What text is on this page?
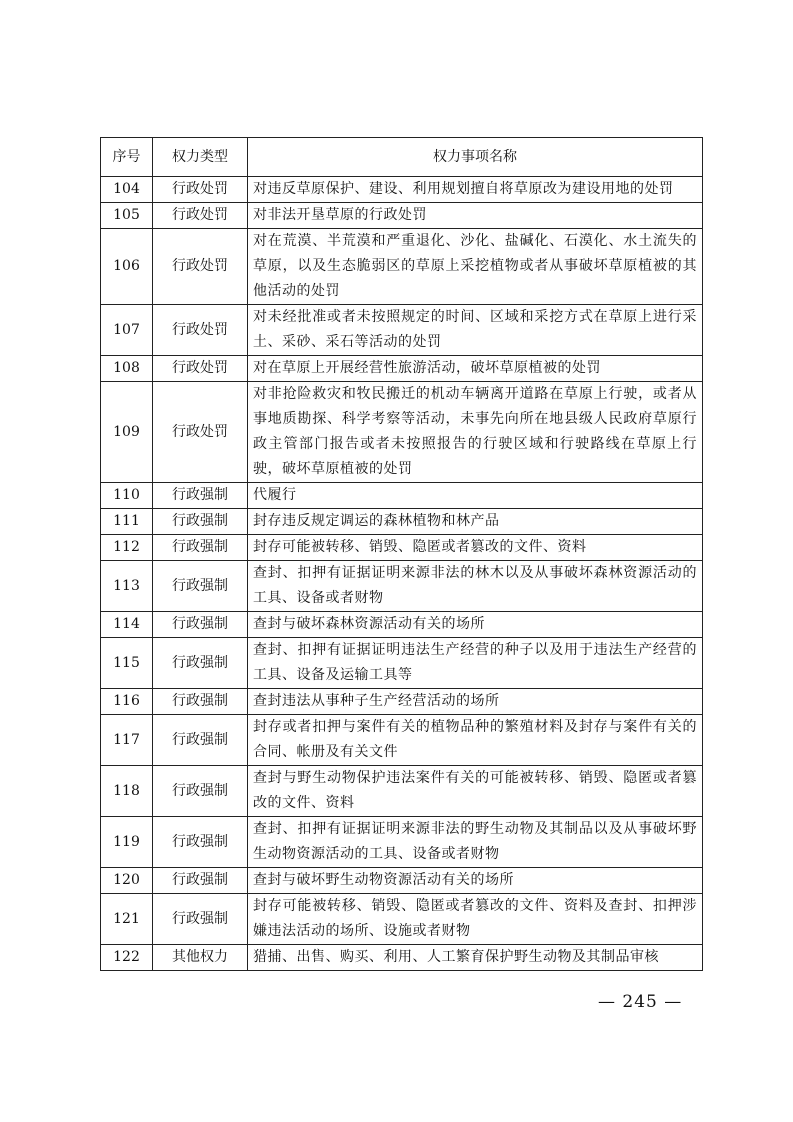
序号	权力类型	权力事项名称
104	行政处罚	对违反草原保护、建设、利用规划擅自将草原改为建设用地的处罚
105	行政处罚	对非法开垦草原的行政处罚
106	行政处罚	对在荒漠、半荒漠和严重退化、沙化、盐碱化、石漠化、水土流失的草原，以及生态脆弱区的草原上采挖植物或者从事破坏草原植被的其他活动的处罚
107	行政处罚	对未经批准或者未按照规定的时间、区域和采挖方式在草原上进行采土、采砂、采石等活动的处罚
108	行政处罚	对在草原上开展经营性旅游活动，破坏草原植被的处罚
109	行政处罚	对非抢险救灾和牧民搬迁的机动车辆离开道路在草原上行驶，或者从事地质勘探、科学考察等活动，未事先向所在地县级人民政府草原行政主管部门报告或者未按照报告的行驶区域和行驶路线在草原上行驶，破坏草原植被的处罚
110	行政强制	代履行
111	行政强制	封存违反规定调运的森林植物和林产品
112	行政强制	封存可能被转移、销毁、隐匿或者篡改的文件、资料
113	行政强制	查封、扣押有证据证明来源非法的林木以及从事破坏森林资源活动的工具、设备或者财物
114	行政强制	查封与破坏森林资源活动有关的场所
115	行政强制	查封、扣押有证据证明违法生产经营的种子以及用于违法生产经营的工具、设备及运输工具等
116	行政强制	查封违法从事种子生产经营活动的场所
117	行政强制	封存或者扣押与案件有关的植物品种的繁殖材料及封存与案件有关的合同、帐册及有关文件
118	行政强制	查封与野生动物保护违法案件有关的可能被转移、销毁、隐匿或者篡改的文件、资料
119	行政强制	查封、扣押有证据证明来源非法的野生动物及其制品以及从事破坏野生动物资源活动的工具、设备或者财物
120	行政强制	查封与破坏野生动物资源活动有关的场所
121	行政强制	封存可能被转移、销毁、隐匿或者篡改的文件、资料及查封、扣押涉嫌违法活动的场所、设施或者财物
122	其他权力	猎捕、出售、购买、利用、人工繁育保护野生动物及其制品审核
— 245 —
